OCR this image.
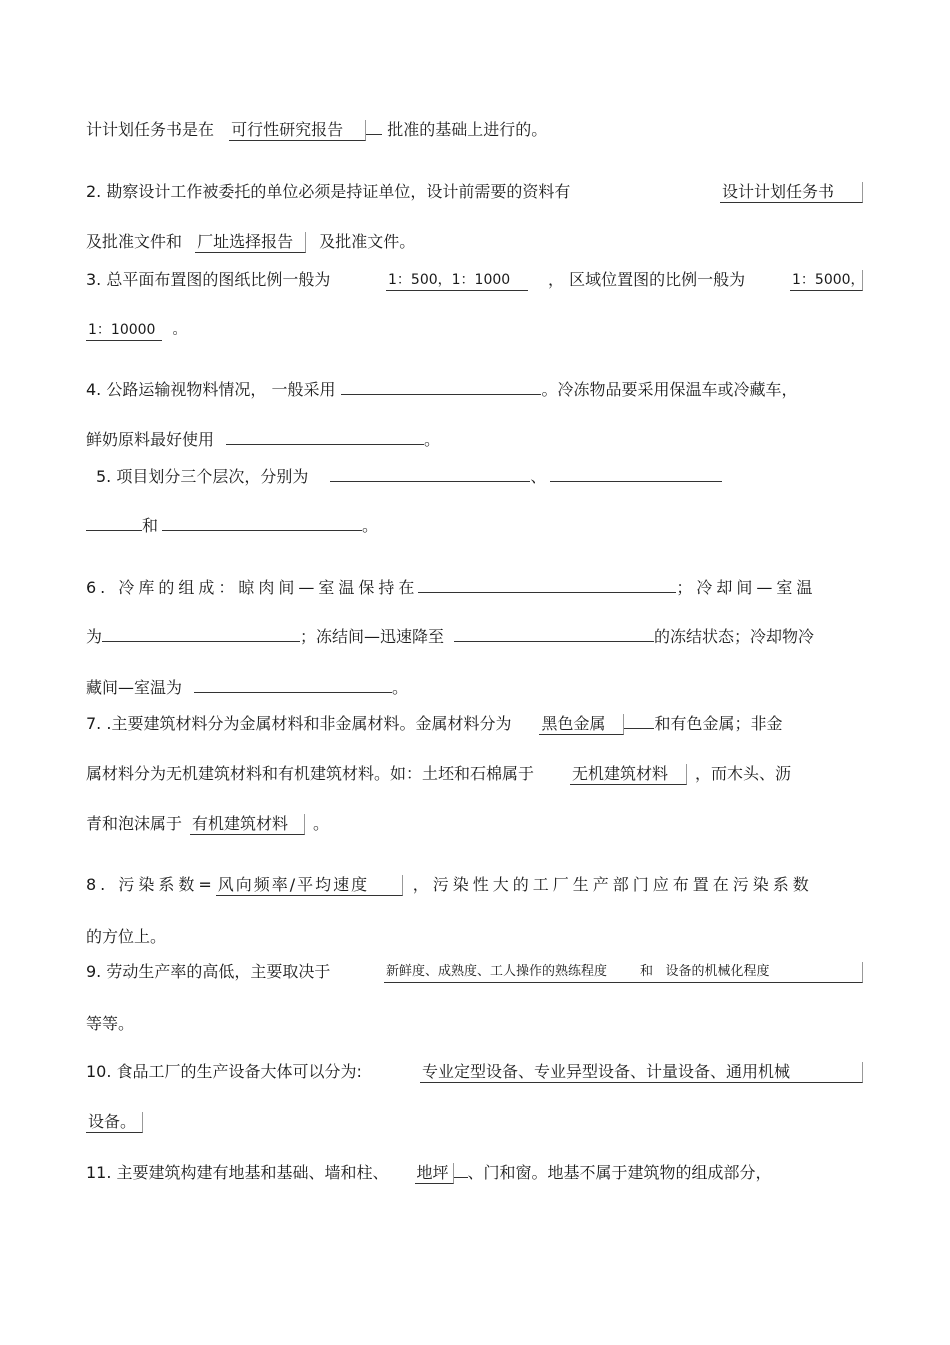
计计划任务书是在 可行性研究报告	批准的基础上进行的。
2. 勘察设计工作被委托的单位必须是持证单位，设计前需要的资料有	设计计划任务书
及批准文件和 厂址选择报告 及批准文件。
3. 总平面布置图的图纸比例一般为	1：500，1：1000	， 区域位置图的比例一般为	1：5000，
1：10000 。
4. 公路运输视物料情况， 一般采用	。冷冻物品要采用保温车或冷藏车，
鲜奶原料最好使用	。
5. 项目划分三个层次，分别为	、
和	。
6. 冷库的组成：晾肉间—室温保持在	；冷却间—室温
为	；冻结间—迅速降至	的冻结状态；冷却物冷
藏间—室温为	。
7. .主要建筑材料分为金属材料和非金属材料。金属材料分为 黑色金属	和有色金属；非金
属材料分为无机建筑材料和有机建筑材料。如：土坯和石棉属于 无机建筑材料 ，而木头、沥
青和泡沫属于 有机建筑材料 。
8. 污染系数= 风向频率/平均速度	，污染性大的工厂生产部门应布置在污染系数
的方位上。
9. 劳动生产率的高低，主要取决于	新鲜度、成熟度、工人操作的熟练程度        和   设备的机械化程度
等等。
10. 食品工厂的生产设备大体可以分为:	专业定型设备、专业异型设备、计量设备、通用机械
设备。
11. 主要建筑构建有地基和基础、墙和柱、 地坪 、门和窗。地基不属于建筑物的组成部分，
